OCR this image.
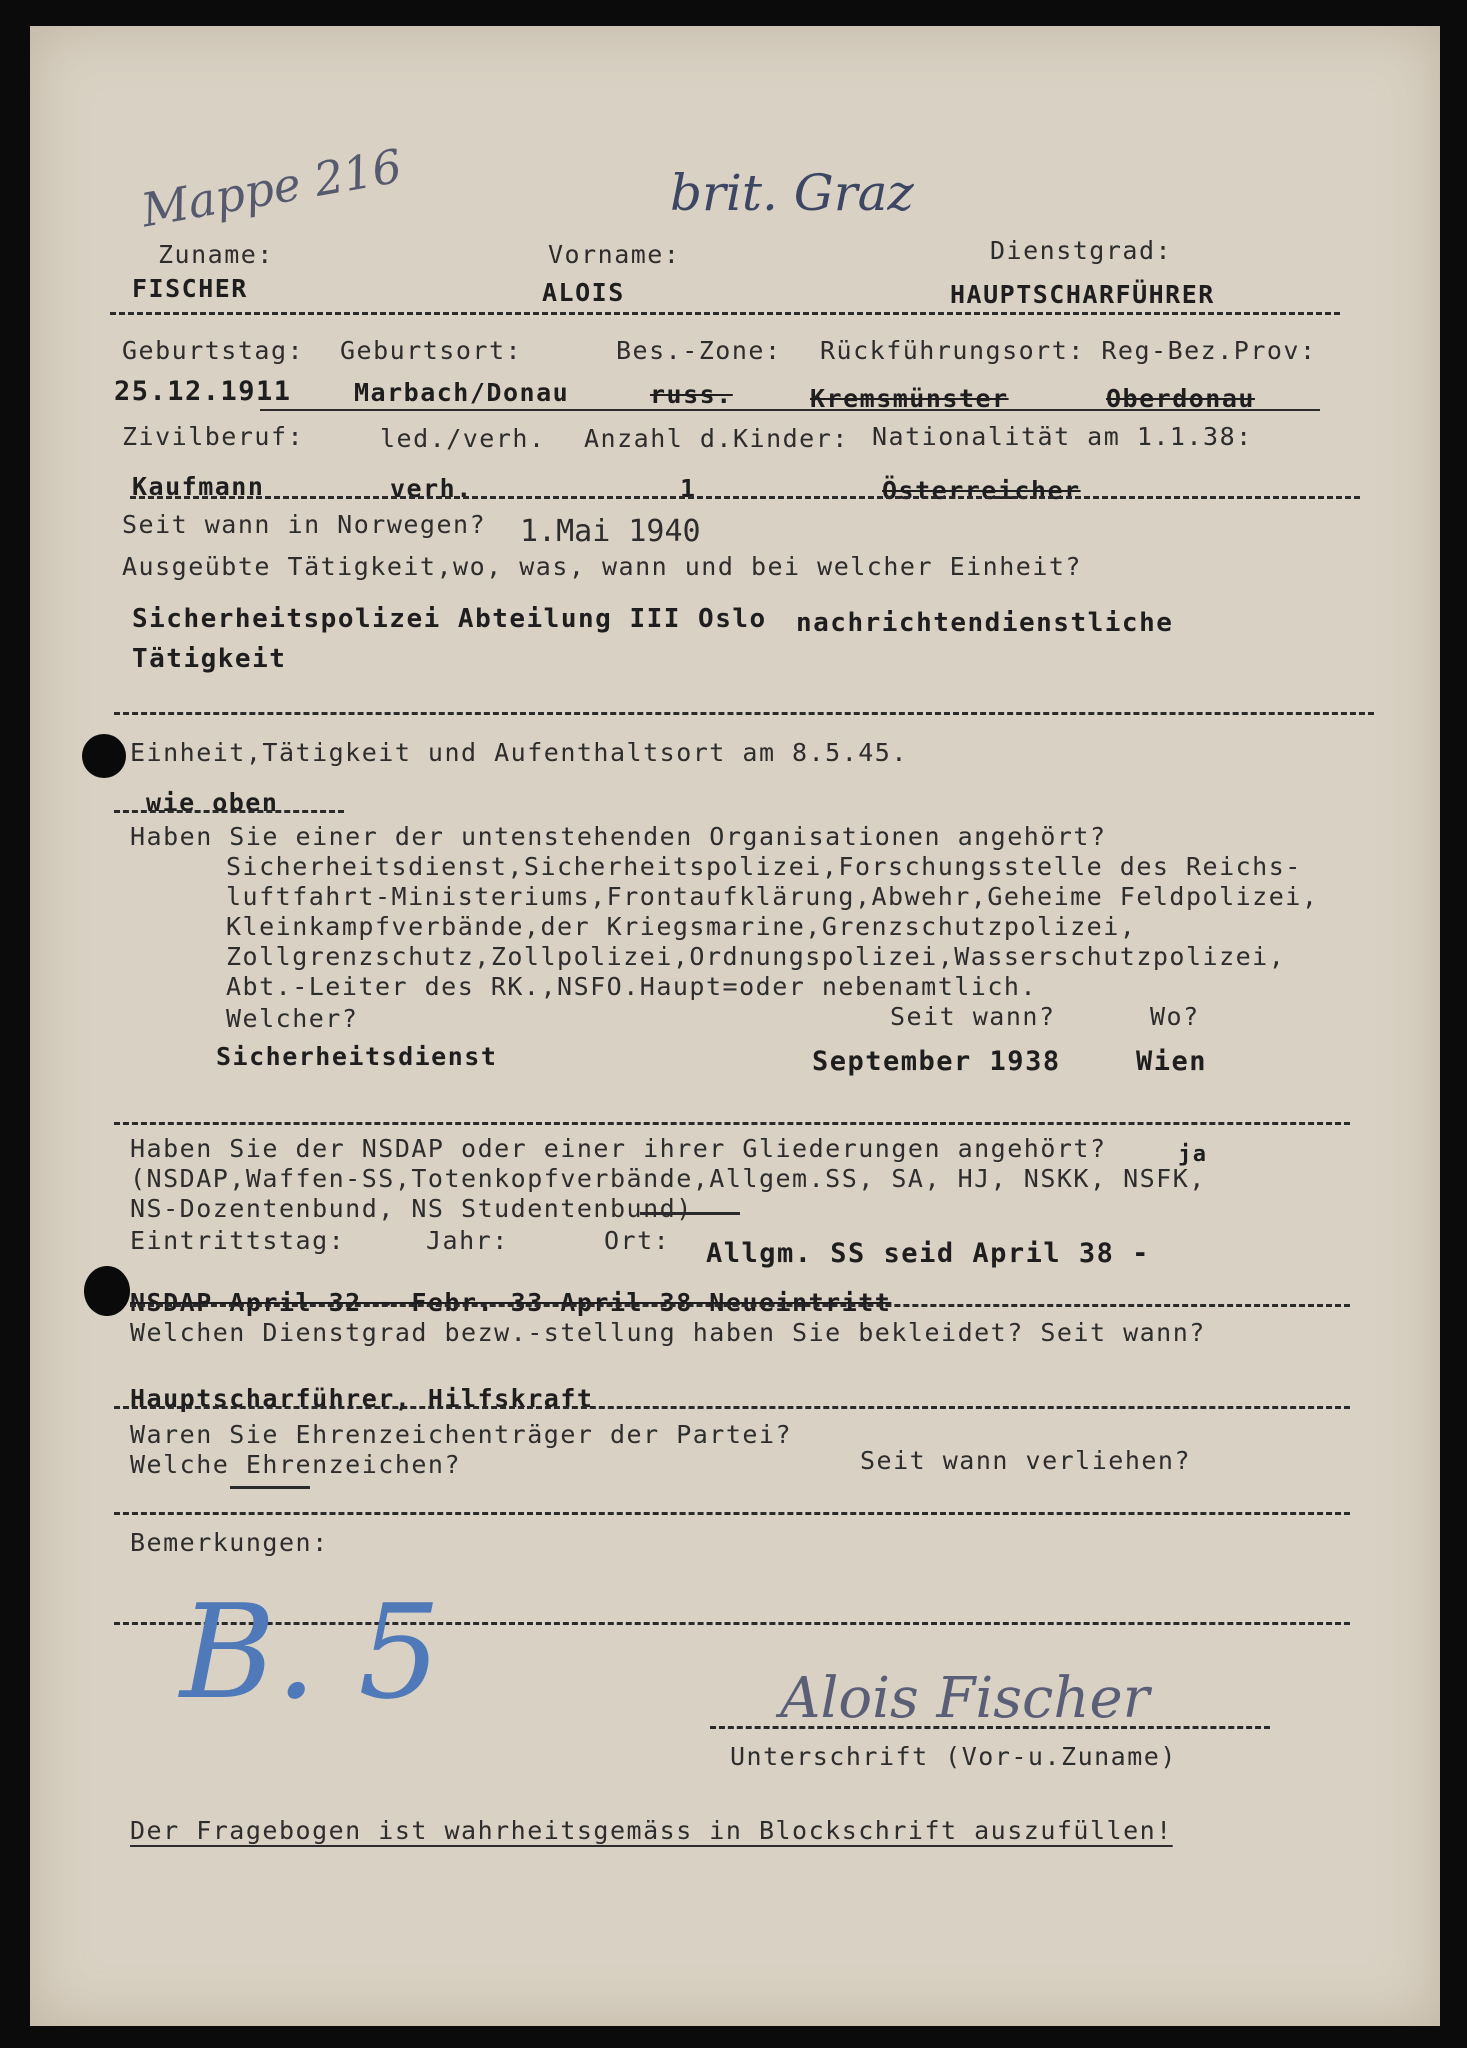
Mappe 216	brit. Graz
Zuname:	Vorname:	Dienstgrad:
FISCHER	ALOIS	HAUPTSCHARFÜHRER
Geburtstag: Geburtsort:	Bes.-Zone: Rückführungsort: Reg-Bez.Prov:
25.12.1911 Marbach/Donau	russ.	Kremsmünster	Oberdonau
Zivilberuf:	led./verh. Anzahl d.Kinder: Nationalität am 1.1.38:
Kaufmann	verh.	1	Österreicher
Seit wann in Norwegen? 1.Mai 1940
Ausgeübte Tätigkeit,wo, was, wann und bei welcher Einheit?
Sicherheitspolizei Abteilung III Oslo nachrichtendienstliche
Tätigkeit
Einheit,Tätigkeit und Aufenthaltsort am 8.5.45.
wie oben
Haben Sie einer der untenstehenden Organisationen angehört?
Sicherheitsdienst,Sicherheitspolizei,Forschungsstelle des Reichs-
luftfahrt-Ministeriums,Frontaufklärung,Abwehr,Geheime Feldpolizei,
Kleinkampfverbände,der Kriegsmarine,Grenzschutzpolizei,
Zollgrenzschutz,Zollpolizei,Ordnungspolizei,Wasserschutzpolizei,
Abt.-Leiter des RK.,NSFO.Haupt=oder nebenamtlich.
Welcher?	Seit wann?	Wo?
Sicherheitsdienst	September 1938	Wien
Haben Sie der NSDAP oder einer ihrer Gliederungen angehört?
(NSDAP,Waffen-SS,Totenkopfverbände,Allgem.SS, SA, HJ, NSKK, NSFK,
ja
NS-Dozentenbund, NS Studentenbund)
Eintrittstag:	Jahr:	Ort: Allgm. SS seid April 38 -
NSDAP April 32 - Febr. 33 April 38 Neueintritt
Welchen Dienstgrad bezw.-stellung haben Sie bekleidet? Seit wann?
Hauptscharführer, Hilfskraft
Waren Sie Ehrenzeichenträger der Partei?
Welche Ehrenzeichen?	Seit wann verliehen?
Bemerkungen:
B. 5	Alois Fischer
Unterschrift (Vor-u.Zuname)
Der Fragebogen ist wahrheitsgemäss in Blockschrift auszufüllen!
